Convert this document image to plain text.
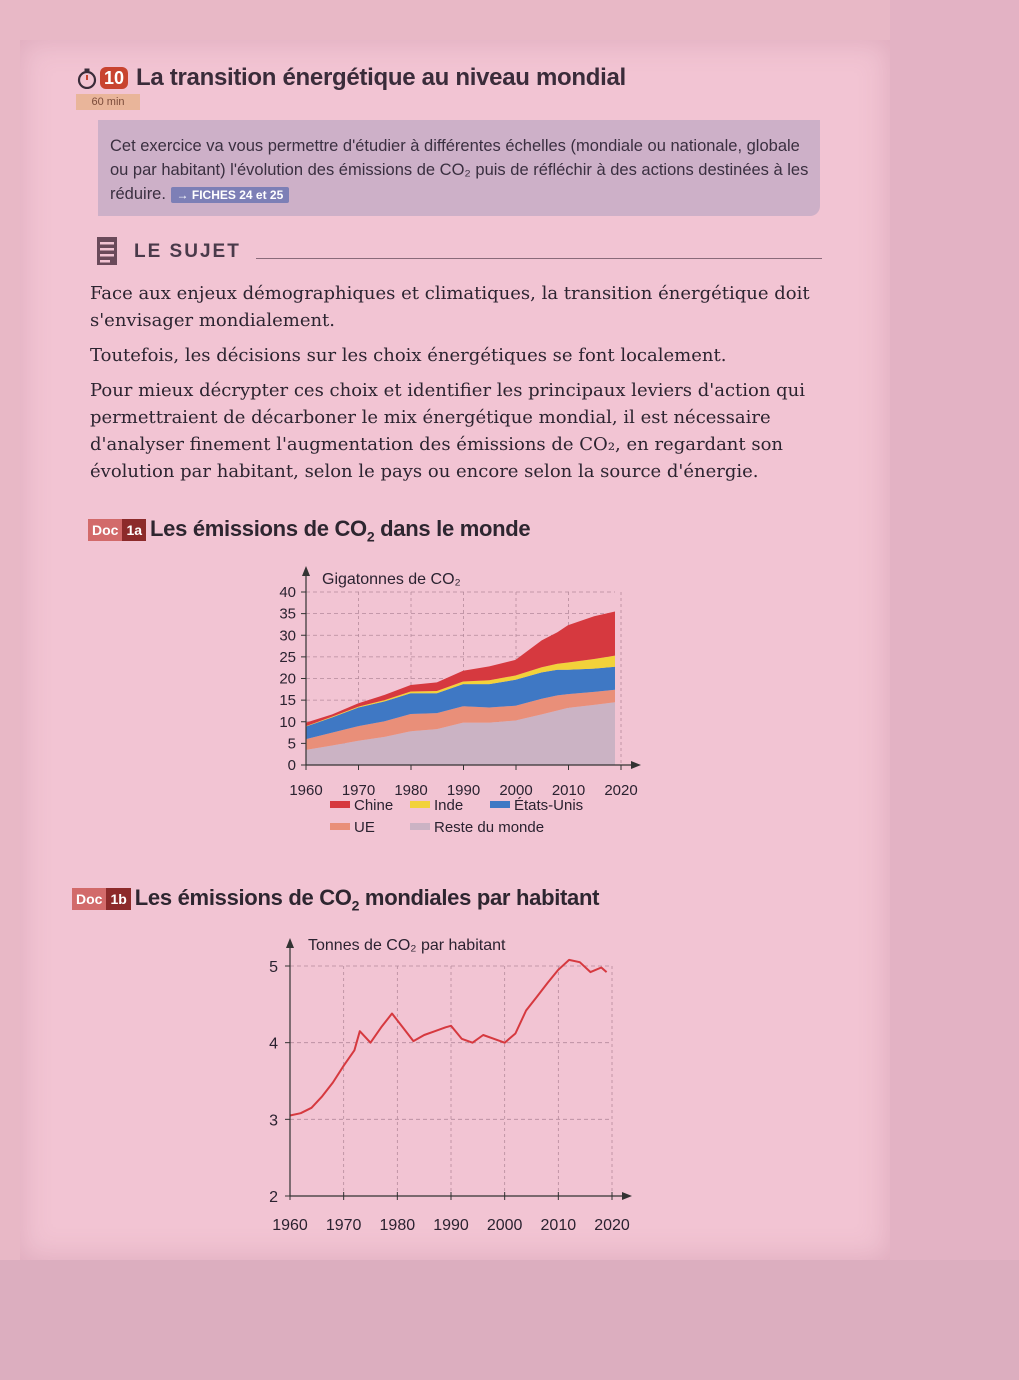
10 La transition énergétique au niveau mondial
60 min

Cet exercice va vous permettre d'étudier à différentes échelles (mondiale ou nationale, globale ou par habitant) l'évolution des émissions de CO₂ puis de réfléchir à des actions destinées à les réduire. → FICHES 24 et 25

LE SUJET

Face aux enjeux démographiques et climatiques, la transition énergétique doit s'envisager mondialement.

Toutefois, les décisions sur les choix énergétiques se font localement.

Pour mieux décrypter ces choix et identifier les principaux leviers d'action qui permettraient de décarboner le mix énergétique mondial, il est nécessaire d'analyser finement l'augmentation des émissions de CO₂, en regardant son évolution par habitant, selon le pays ou encore selon la source d'énergie.

Doc 1a Les émissions de $CO_2$ dans le monde
0
5
10
15
20
25
30
35
40
1960 1970 1980 1990 2000 2010 2020
Gigatonnes de CO₂
Chine	Inde	États-Unis
UE	Reste du monde
Doc 1b Les émissions de $CO_2$ mondiales par habitant
2
3
4
5
1960 1970 1980 1990 2000 2010 2020
Tonnes de CO₂ par habitant
